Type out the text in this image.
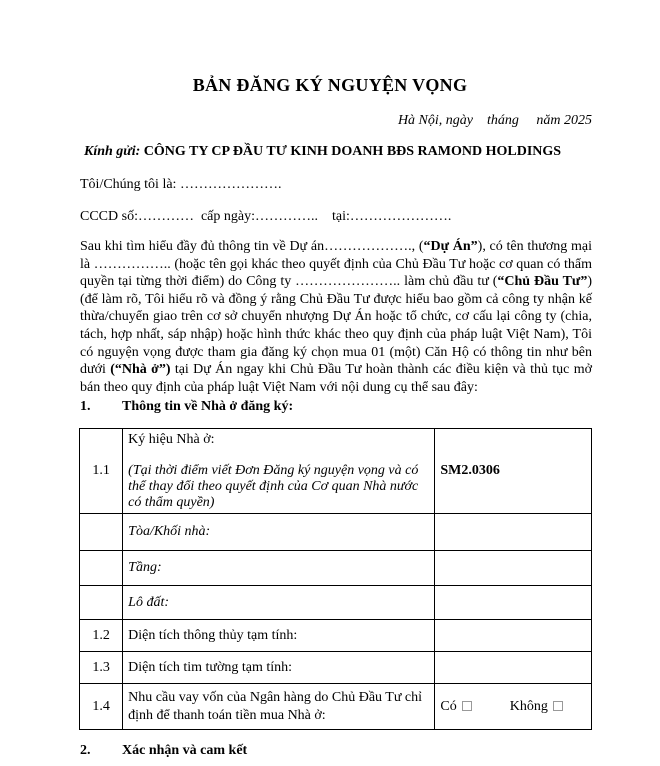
BẢN ĐĂNG KÝ NGUYỆN VỌNG
Hà Nội, ngày    tháng     năm 2025
Kính gửi: CÔNG TY CP ĐẦU TƯ KINH DOANH BĐS RAMOND HOLDINGS
Tôi/Chúng tôi là: ………………….
CCCD số:…………  cấp ngày:…………..    tại:………………….
Sau khi tìm hiểu đầy đủ thông tin về Dự án………………., (“Dự Án”), có tên thương mại là …………….. (hoặc tên gọi khác theo quyết định của Chủ Đầu Tư hoặc cơ quan có thẩm quyền tại từng thời điểm) do Công ty ………………….. làm chủ đầu tư (“Chủ Đầu Tư”) (để làm rõ, Tôi hiểu rõ và đồng ý rằng Chủ Đầu Tư được hiểu bao gồm cả công ty nhận kế thừa/chuyển giao trên cơ sở chuyển nhượng Dự Án hoặc tổ chức, cơ cấu lại công ty (chia, tách, hợp nhất, sáp nhập) hoặc hình thức khác theo quy định của pháp luật Việt Nam), Tôi có nguyện vọng được tham gia đăng ký chọn mua 01 (một) Căn Hộ có thông tin như bên dưới (“Nhà ở”) tại Dự Án ngay khi Chủ Đầu Tư hoàn thành các điều kiện và thủ tục mở bán theo quy định của pháp luật Việt Nam với nội dung cụ thể sau đây:
1. Thông tin về Nhà ở đăng ký:
1.1	Ký hiệu Nhà ở:
(Tại thời điểm viết Đơn Đăng ký nguyện vọng và có thể thay đổi theo quyết định của Cơ quan Nhà nước có thẩm quyền)	SM2.0306
	Tòa/Khối nhà:	
	Tầng:	
	Lô đất:	
1.2	Diện tích thông thủy tạm tính:	
1.3	Diện tích tim tường tạm tính:	
1.4	Nhu cầu vay vốn của Ngân hàng do Chủ Đầu Tư chỉ định để thanh toán tiền mua Nhà ở:	Có Không
2. Xác nhận và cam kết
